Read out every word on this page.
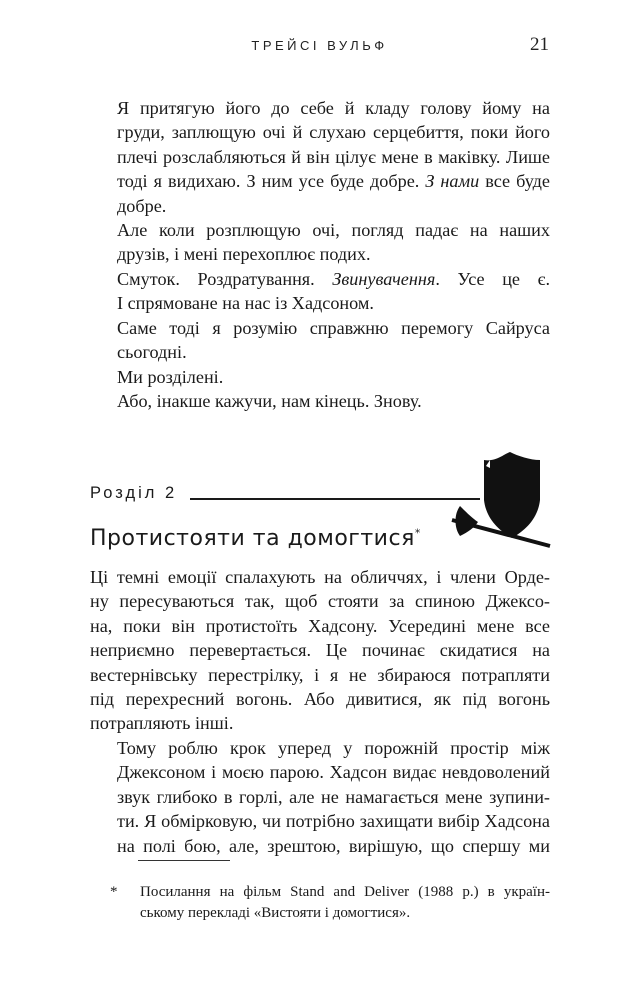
ТРЕЙСІ ВУЛЬФ	21
Я притягую його до себе й кладу голову йому на
груди, заплющую очі й слухаю серцебиття, поки його
плечі розслабляються й він цілує мене в маківку. Лише
тоді я видихаю. З ним усе буде добре. З нами все буде
добре.
Але коли розплющую очі, погляд падає на наших
друзів, і мені перехоплює подих.
Смуток. Роздратування. Звинувачення. Усе це є.
І спрямоване на нас із Хадсоном.
Саме тоді я розумію справжню перемогу Сайруса
сьогодні.
Ми розділені.
Або, інакше кажучи, нам кінець. Знову.
Розділ 2
Протистояти та домогтися*
Ці темні емоції спалахують на обличчях, і члени Орде-
ну пересуваються так, щоб стояти за спиною Джексо-
на, поки він протистоїть Хадсону. Усередині мене все
неприємно перевертається. Це починає скидатися на
вестернівську перестрілку, і я не збираюся потрапляти
під перехресний вогонь. Або дивитися, як під вогонь
потрапляють інші.
Тому роблю крок уперед у порожній простір між
Джексоном і моєю парою. Хадсон видає невдоволений
звук глибоко в горлі, але не намагається мене зупини-
ти. Я обмірковую, чи потрібно захищати вибір Хадсона
на полі бою, але, зрештою, вирішую, що спершу ми
* Посилання на фільм Stand and Deliver (1988 р.) в україн-
ському перекладі «Вистояти і домогтися».
